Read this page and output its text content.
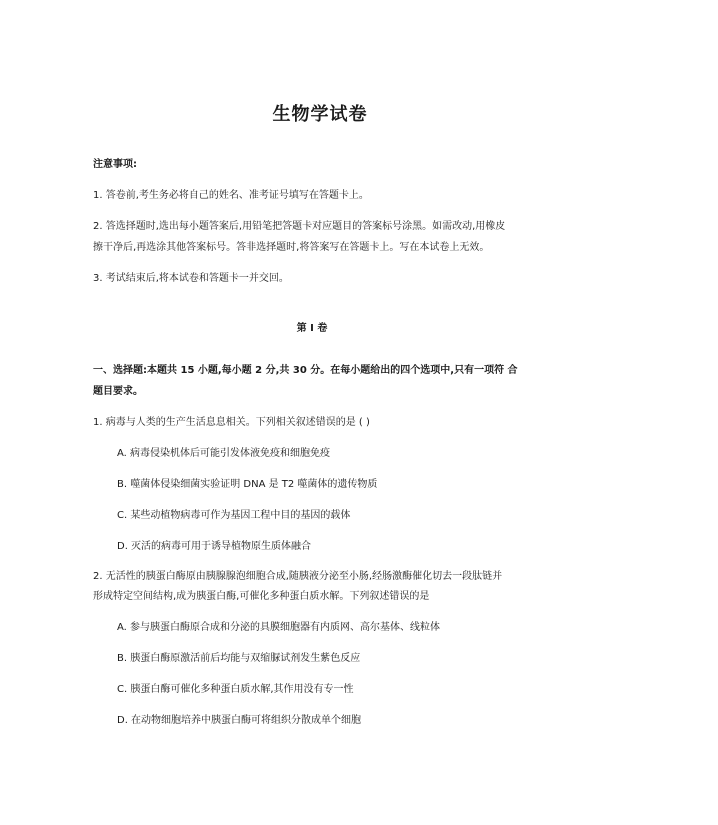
生物学试卷
注意事项:
1. 答卷前,考生务必将自己的姓名、准考证号填写在答题卡上。
2. 答选择题时,选出每小题答案后,用铅笔把答题卡对应题目的答案标号涂黑。如需改动,用橡皮
擦干净后,再选涂其他答案标号。答非选择题时,将答案写在答题卡上。写在本试卷上无效。
3. 考试结束后,将本试卷和答题卡一并交回。
第 I 卷
一、选择题:本题共 15 小题,每小题 2 分,共 30 分。在每小题给出的四个选项中,只有一项符 合
题目要求。
1. 病毒与人类的生产生活息息相关。下列相关叙述错误的是 ( )
A. 病毒侵染机体后可能引发体液免疫和细胞免疫
B. 噬菌体侵染细菌实验证明 DNA 是 T2 噬菌体的遗传物质
C. 某些动植物病毒可作为基因工程中目的基因的载体
D. 灭活的病毒可用于诱导植物原生质体融合
2. 无活性的胰蛋白酶原由胰腺腺泡细胞合成,随胰液分泌至小肠,经肠激酶催化切去一段肽链并
形成特定空间结构,成为胰蛋白酶,可催化多种蛋白质水解。下列叙述错误的是
A. 参与胰蛋白酶原合成和分泌的具膜细胞器有内质网、高尔基体、线粒体
B. 胰蛋白酶原激活前后均能与双缩脲试剂发生紫色反应
C. 胰蛋白酶可催化多种蛋白质水解,其作用没有专一性
D. 在动物细胞培养中胰蛋白酶可将组织分散成单个细胞
